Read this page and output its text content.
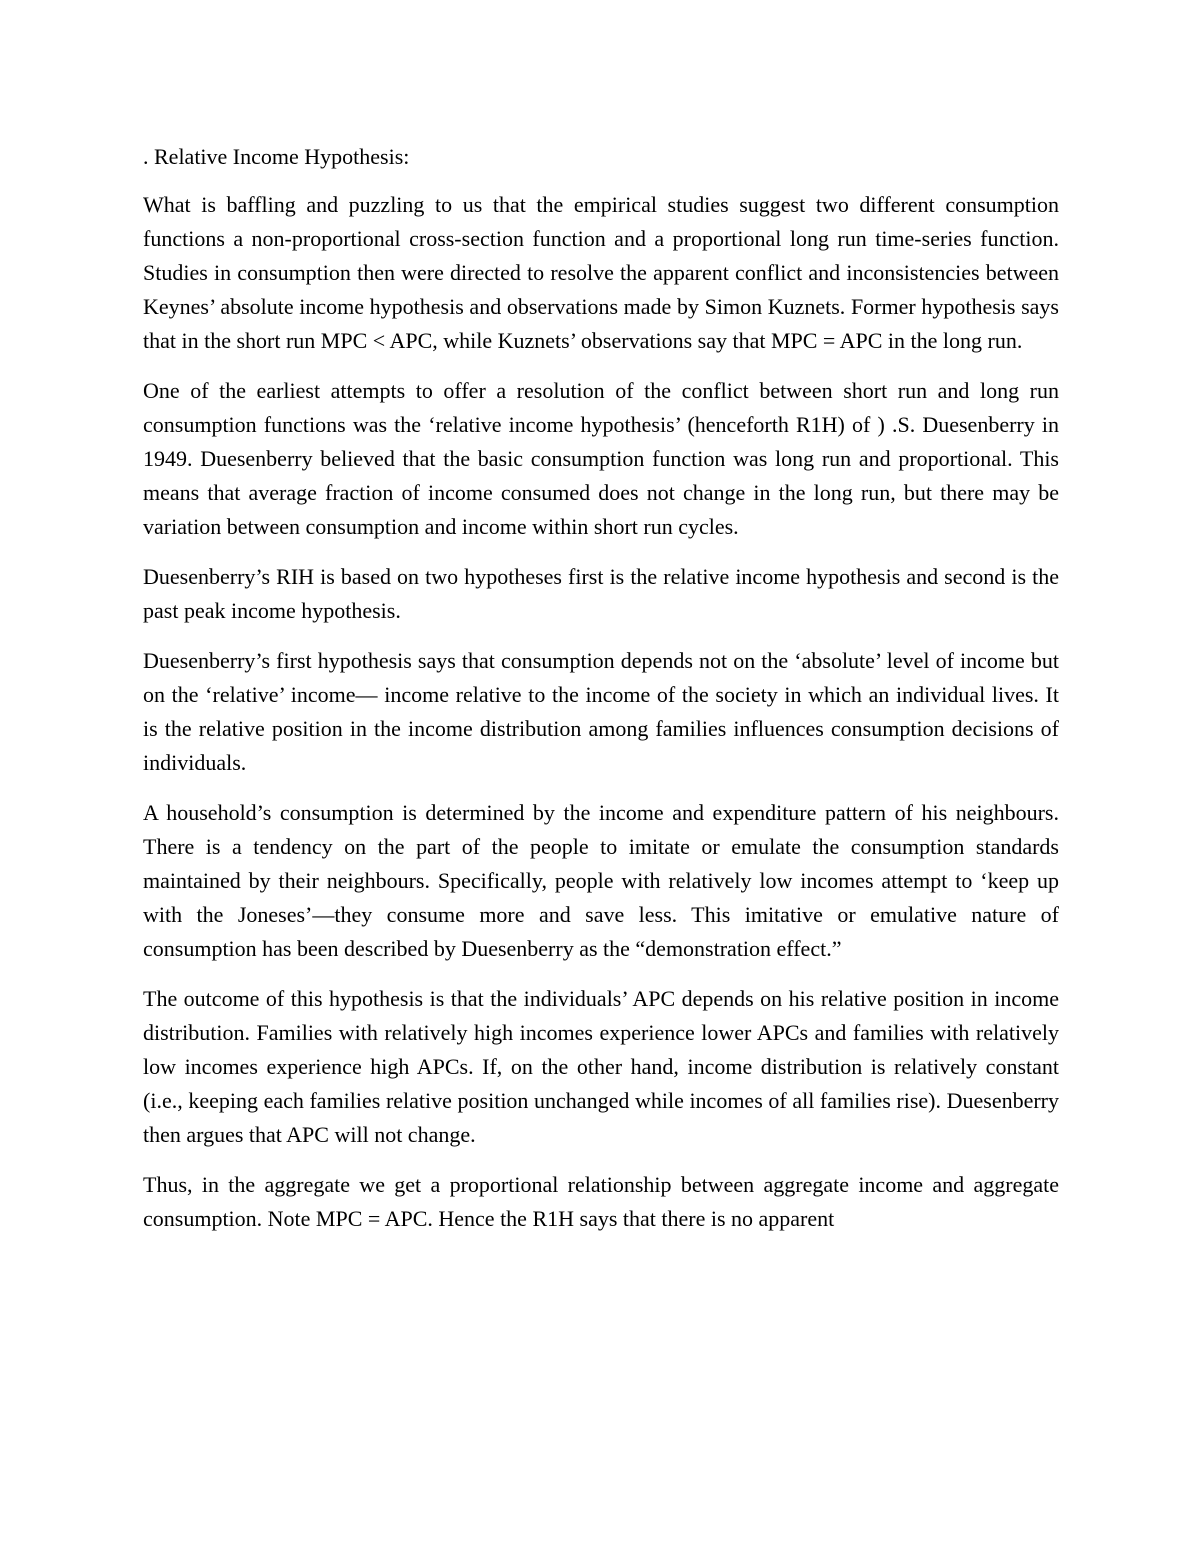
. Relative Income Hypothesis:

What is baffling and puzzling to us that the empirical studies suggest two different consumption functions a non-proportional cross-section function and a proportional long run time-series function. Studies in consumption then were directed to resolve the apparent conflict and inconsistencies between Keynes’ absolute income hypothesis and observations made by Simon Kuznets. Former hypothesis says that in the short run MPC < APC, while Kuznets’ observations say that MPC = APC in the long run.

One of the earliest attempts to offer a resolution of the conflict between short run and long run consumption functions was the ‘relative income hypothesis’ (henceforth R1H) of ) .S. Duesenberry in 1949. Duesenberry believed that the basic consumption function was long run and proportional. This means that average fraction of income consumed does not change in the long run, but there may be variation between consumption and income within short run cycles.

Duesenberry’s RIH is based on two hypotheses first is the relative income hypothesis and second is the past peak income hypothesis.

Duesenberry’s first hypothesis says that consumption depends not on the ‘absolute’ level of income but on the ‘relative’ income— income relative to the income of the society in which an individual lives. It is the relative position in the income distribution among families influences consumption decisions of individuals.

A household’s consumption is determined by the income and expenditure pattern of his neighbours. There is a tendency on the part of the people to imitate or emulate the consumption standards maintained by their neighbours. Specifically, people with relatively low incomes attempt to ‘keep up with the Joneses’—they consume more and save less. This imitative or emulative nature of consumption has been described by Duesenberry as the “demonstration effect.”

The outcome of this hypothesis is that the individuals’ APC depends on his relative position in income distribution. Families with relatively high incomes experience lower APCs and families with relatively low incomes experience high APCs. If, on the other hand, income distribution is relatively constant (i.e., keeping each families relative position unchanged while incomes of all families rise). Duesenberry then argues that APC will not change.

Thus, in the aggregate we get a proportional relationship between aggregate income and aggregate consumption. Note MPC = APC. Hence the R1H says that there is no apparent
